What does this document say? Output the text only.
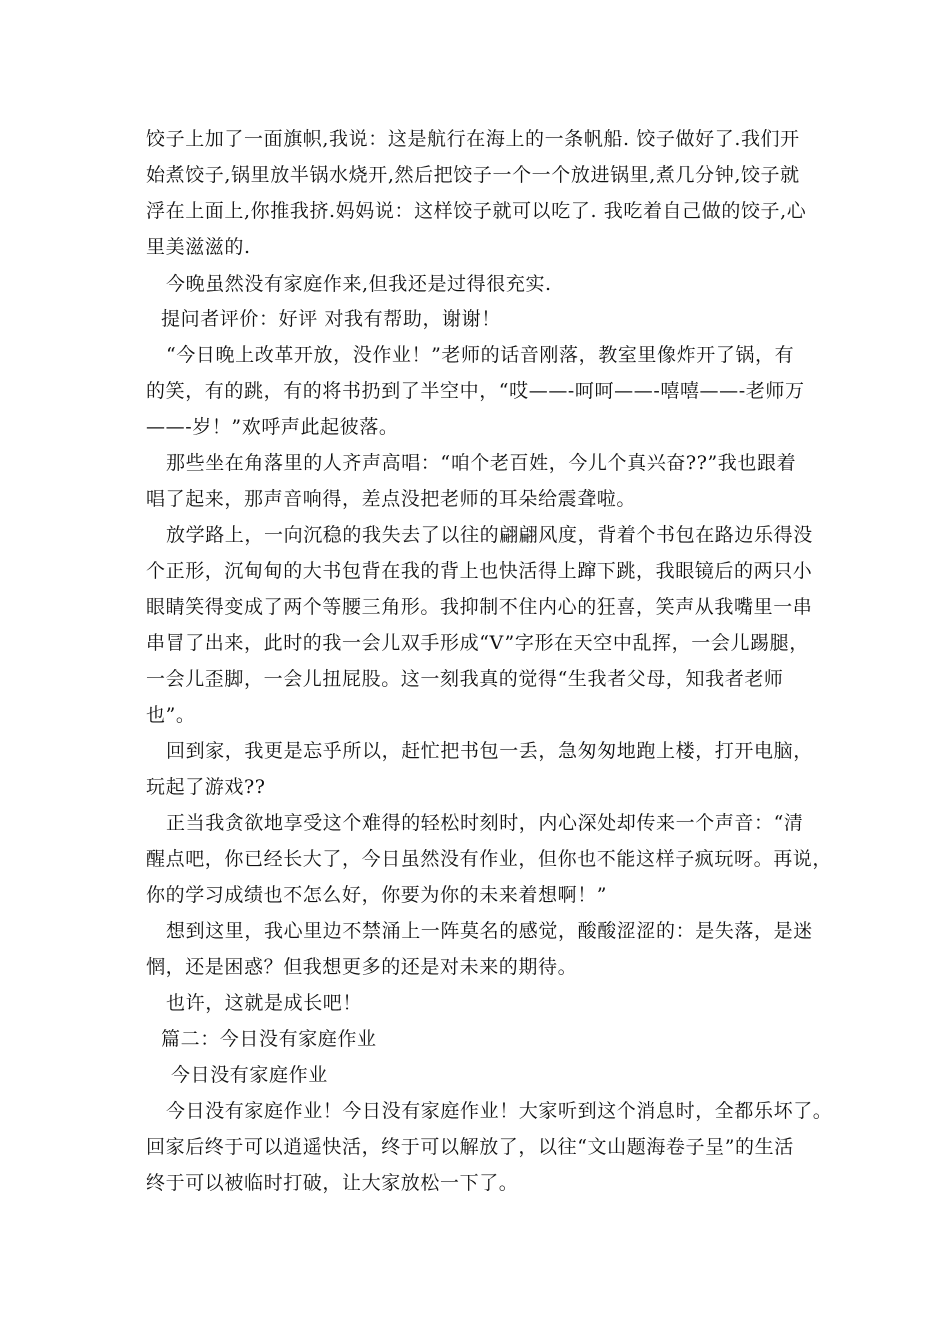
饺子上加了一面旗帜,我说：这是航行在海上的一条帆船. 饺子做好了.我们开
始煮饺子,锅里放半锅水烧开,然后把饺子一个一个放进锅里,煮几分钟,饺子就
浮在上面上,你推我挤.妈妈说：这样饺子就可以吃了. 我吃着自己做的饺子,心
里美滋滋的.
今晚虽然没有家庭作来,但我还是过得很充实.
提问者评价：好评 对我有帮助，谢谢！
“今日晚上改革开放，没作业！”老师的话音刚落，教室里像炸开了锅，有
的笑，有的跳，有的将书扔到了半空中，“哎——-呵呵——-嘻嘻——-老师万
——-岁！”欢呼声此起彼落。
那些坐在角落里的人齐声高唱：“咱个老百姓，今儿个真兴奋??”我也跟着
唱了起来，那声音响得，差点没把老师的耳朵给震聋啦。
放学路上，一向沉稳的我失去了以往的翩翩风度，背着个书包在路边乐得没
个正形，沉甸甸的大书包背在我的背上也快活得上蹿下跳，我眼镜后的两只小
眼睛笑得变成了两个等腰三角形。我抑制不住内心的狂喜，笑声从我嘴里一串
串冒了出来，此时的我一会儿双手形成“V”字形在天空中乱挥，一会儿踢腿，
一会儿歪脚，一会儿扭屁股。这一刻我真的觉得“生我者父母，知我者老师
也”。
回到家，我更是忘乎所以，赶忙把书包一丢，急匆匆地跑上楼，打开电脑，
玩起了游戏??
正当我贪欲地享受这个难得的轻松时刻时，内心深处却传来一个声音：“清
醒点吧，你已经长大了，今日虽然没有作业，但你也不能这样子疯玩呀。再说，
你的学习成绩也不怎么好，你要为你的未来着想啊！”
想到这里，我心里边不禁涌上一阵莫名的感觉，酸酸涩涩的：是失落，是迷
惘，还是困惑？但我想更多的还是对未来的期待。
也许，这就是成长吧！
篇二：今日没有家庭作业
今日没有家庭作业
今日没有家庭作业！今日没有家庭作业！大家听到这个消息时，全都乐坏了。
回家后终于可以逍遥快活，终于可以解放了，以往“文山题海卷子呈”的生活
终于可以被临时打破，让大家放松一下了。
